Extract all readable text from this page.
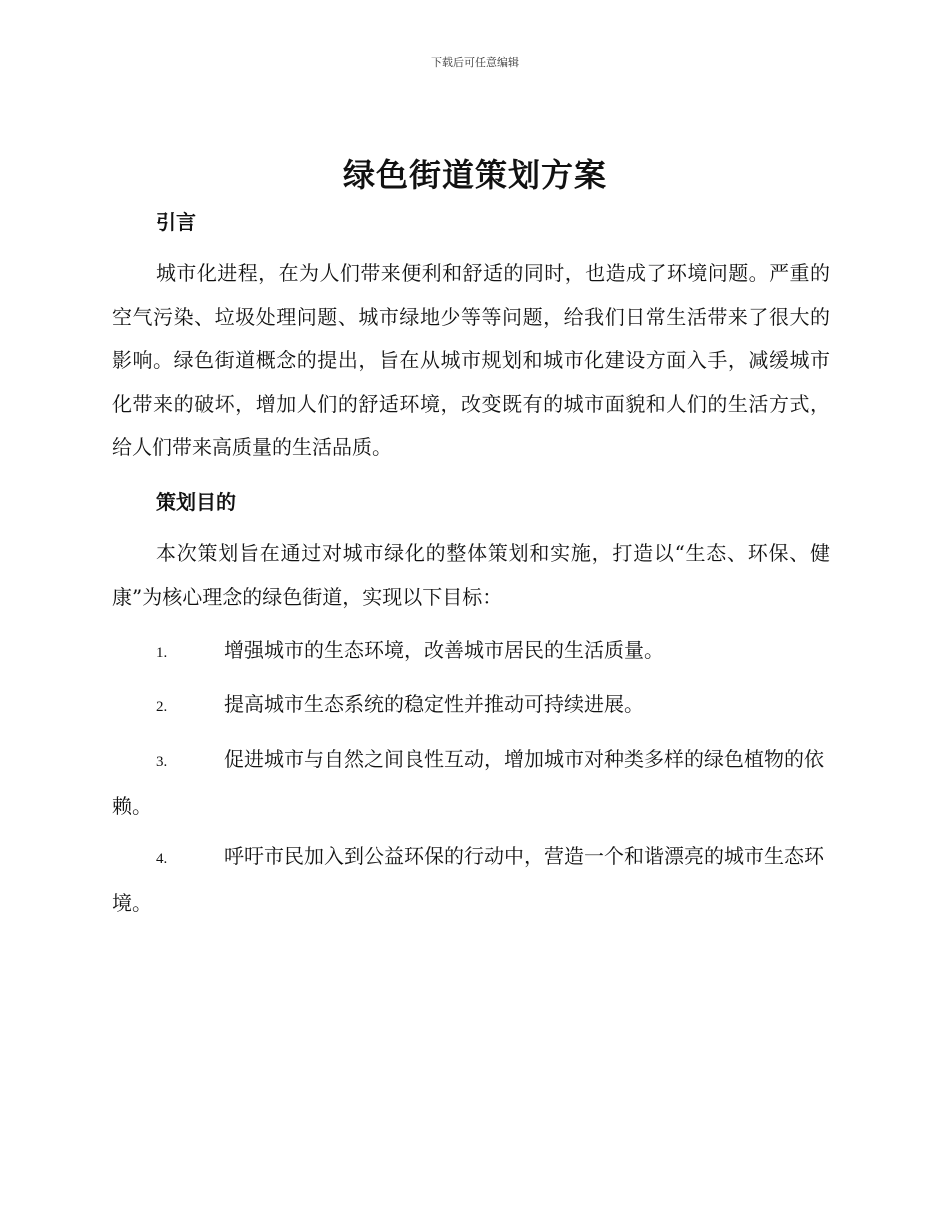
下载后可任意编辑
绿色街道策划方案
引言

城市化进程，在为人们带来便利和舒适的同时，也造成了环境问题。严重的空气污染、垃圾处理问题、城市绿地少等等问题，给我们日常生活带来了很大的影响。绿色街道概念的提出，旨在从城市规划和城市化建设方面入手，减缓城市化带来的破坏，增加人们的舒适环境，改变既有的城市面貌和人们的生活方式，给人们带来高质量的生活品质。

策划目的

本次策划旨在通过对城市绿化的整体策划和实施，打造以“生态、环保、健康”为核心理念的绿色街道，实现以下目标：

1.	增强城市的生态环境，改善城市居民的生活质量。
2.	提高城市生态系统的稳定性并推动可持续进展。
3.	促进城市与自然之间良性互动，增加城市对种类多样的绿色植物的依赖。
4.	呼吁市民加入到公益环保的行动中，营造一个和谐漂亮的城市生态环境。
